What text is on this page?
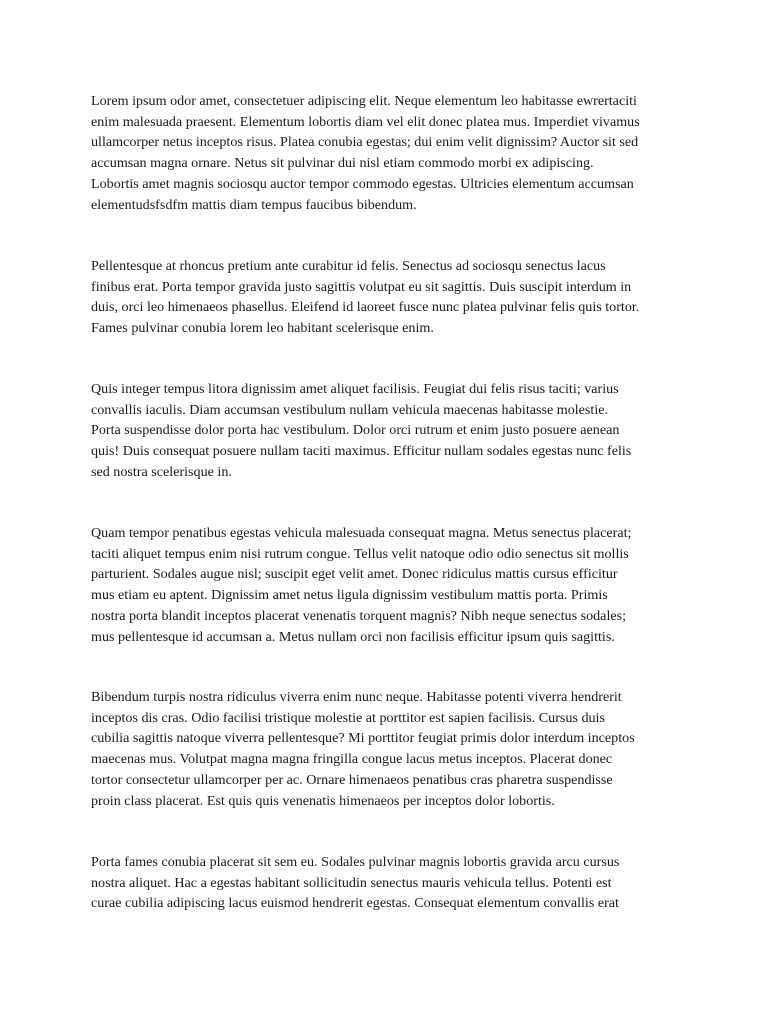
Lorem ipsum odor amet, consectetuer adipiscing elit. Neque elementum leo habitasse ewrertaciti
enim malesuada praesent. Elementum lobortis diam vel elit donec platea mus. Imperdiet vivamus
ullamcorper netus inceptos risus. Platea conubia egestas; dui enim velit dignissim? Auctor sit sed
accumsan magna ornare. Netus sit pulvinar dui nisl etiam commodo morbi ex adipiscing.
Lobortis amet magnis sociosqu auctor tempor commodo egestas. Ultricies elementum accumsan
elementudsfsdfm mattis diam tempus faucibus bibendum.

Pellentesque at rhoncus pretium ante curabitur id felis. Senectus ad sociosqu senectus lacus
finibus erat. Porta tempor gravida justo sagittis volutpat eu sit sagittis. Duis suscipit interdum in
duis, orci leo himenaeos phasellus. Eleifend id laoreet fusce nunc platea pulvinar felis quis tortor.
Fames pulvinar conubia lorem leo habitant scelerisque enim.

Quis integer tempus litora dignissim amet aliquet facilisis. Feugiat dui felis risus taciti; varius
convallis iaculis. Diam accumsan vestibulum nullam vehicula maecenas habitasse molestie.
Porta suspendisse dolor porta hac vestibulum. Dolor orci rutrum et enim justo posuere aenean
quis! Duis consequat posuere nullam taciti maximus. Efficitur nullam sodales egestas nunc felis
sed nostra scelerisque in.

Quam tempor penatibus egestas vehicula malesuada consequat magna. Metus senectus placerat;
taciti aliquet tempus enim nisi rutrum congue. Tellus velit natoque odio odio senectus sit mollis
parturient. Sodales augue nisl; suscipit eget velit amet. Donec ridiculus mattis cursus efficitur
mus etiam eu aptent. Dignissim amet netus ligula dignissim vestibulum mattis porta. Primis
nostra porta blandit inceptos placerat venenatis torquent magnis? Nibh neque senectus sodales;
mus pellentesque id accumsan a. Metus nullam orci non facilisis efficitur ipsum quis sagittis.

Bibendum turpis nostra ridiculus viverra enim nunc neque. Habitasse potenti viverra hendrerit
inceptos dis cras. Odio facilisi tristique molestie at porttitor est sapien facilisis. Cursus duis
cubilia sagittis natoque viverra pellentesque? Mi porttitor feugiat primis dolor interdum inceptos
maecenas mus. Volutpat magna magna fringilla congue lacus metus inceptos. Placerat donec
tortor consectetur ullamcorper per ac. Ornare himenaeos penatibus cras pharetra suspendisse
proin class placerat. Est quis quis venenatis himenaeos per inceptos dolor lobortis.

Porta fames conubia placerat sit sem eu. Sodales pulvinar magnis lobortis gravida arcu cursus
nostra aliquet. Hac a egestas habitant sollicitudin senectus mauris vehicula tellus. Potenti est
curae cubilia adipiscing lacus euismod hendrerit egestas. Consequat elementum convallis erat
